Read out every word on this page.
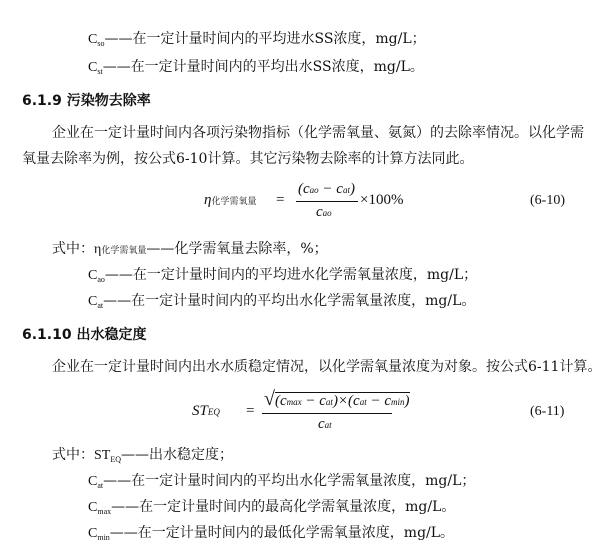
$C_{so}——$在一定计量时间内的平均进水SS浓度，mg/L；
$C_{st}——$在一定计量时间内的平均出水SS浓度，mg/L。
6.1.9 污染物去除率
企业在一定计量时间内各项污染物指标（化学需氧量、氨氮）的去除率情况。以化学需
氧量去除率为例，按公式6-10计算。其它污染物去除率的计算方法同此。
η化学需氧量 =
(cao − cat)
cao
×100%	(6-10)
式中：η化学需氧量——化学需氧量去除率，%；
$C_{ao}——$在一定计量时间内的平均进水化学需氧量浓度，mg/L；
$C_{at}——$在一定计量时间内的平均出水化学需氧量浓度，mg/L。
6.1.10 出水稳定度
企业在一定计量时间内出水水质稳定情况，以化学需氧量浓度为对象。按公式6-11计算。
STEQ =
√(cmax − cat)×(cat − cmin)
cat
(6-11)
式中：$ST_{EQ}——$出水稳定度；
$C_{at}——$在一定计量时间内的平均出水化学需氧量浓度，mg/L；
$C_{max}——$在一定计量时间内的最高化学需氧量浓度，mg/L。
$C_{min}——$在一定计量时间内的最低化学需氧量浓度，mg/L。
